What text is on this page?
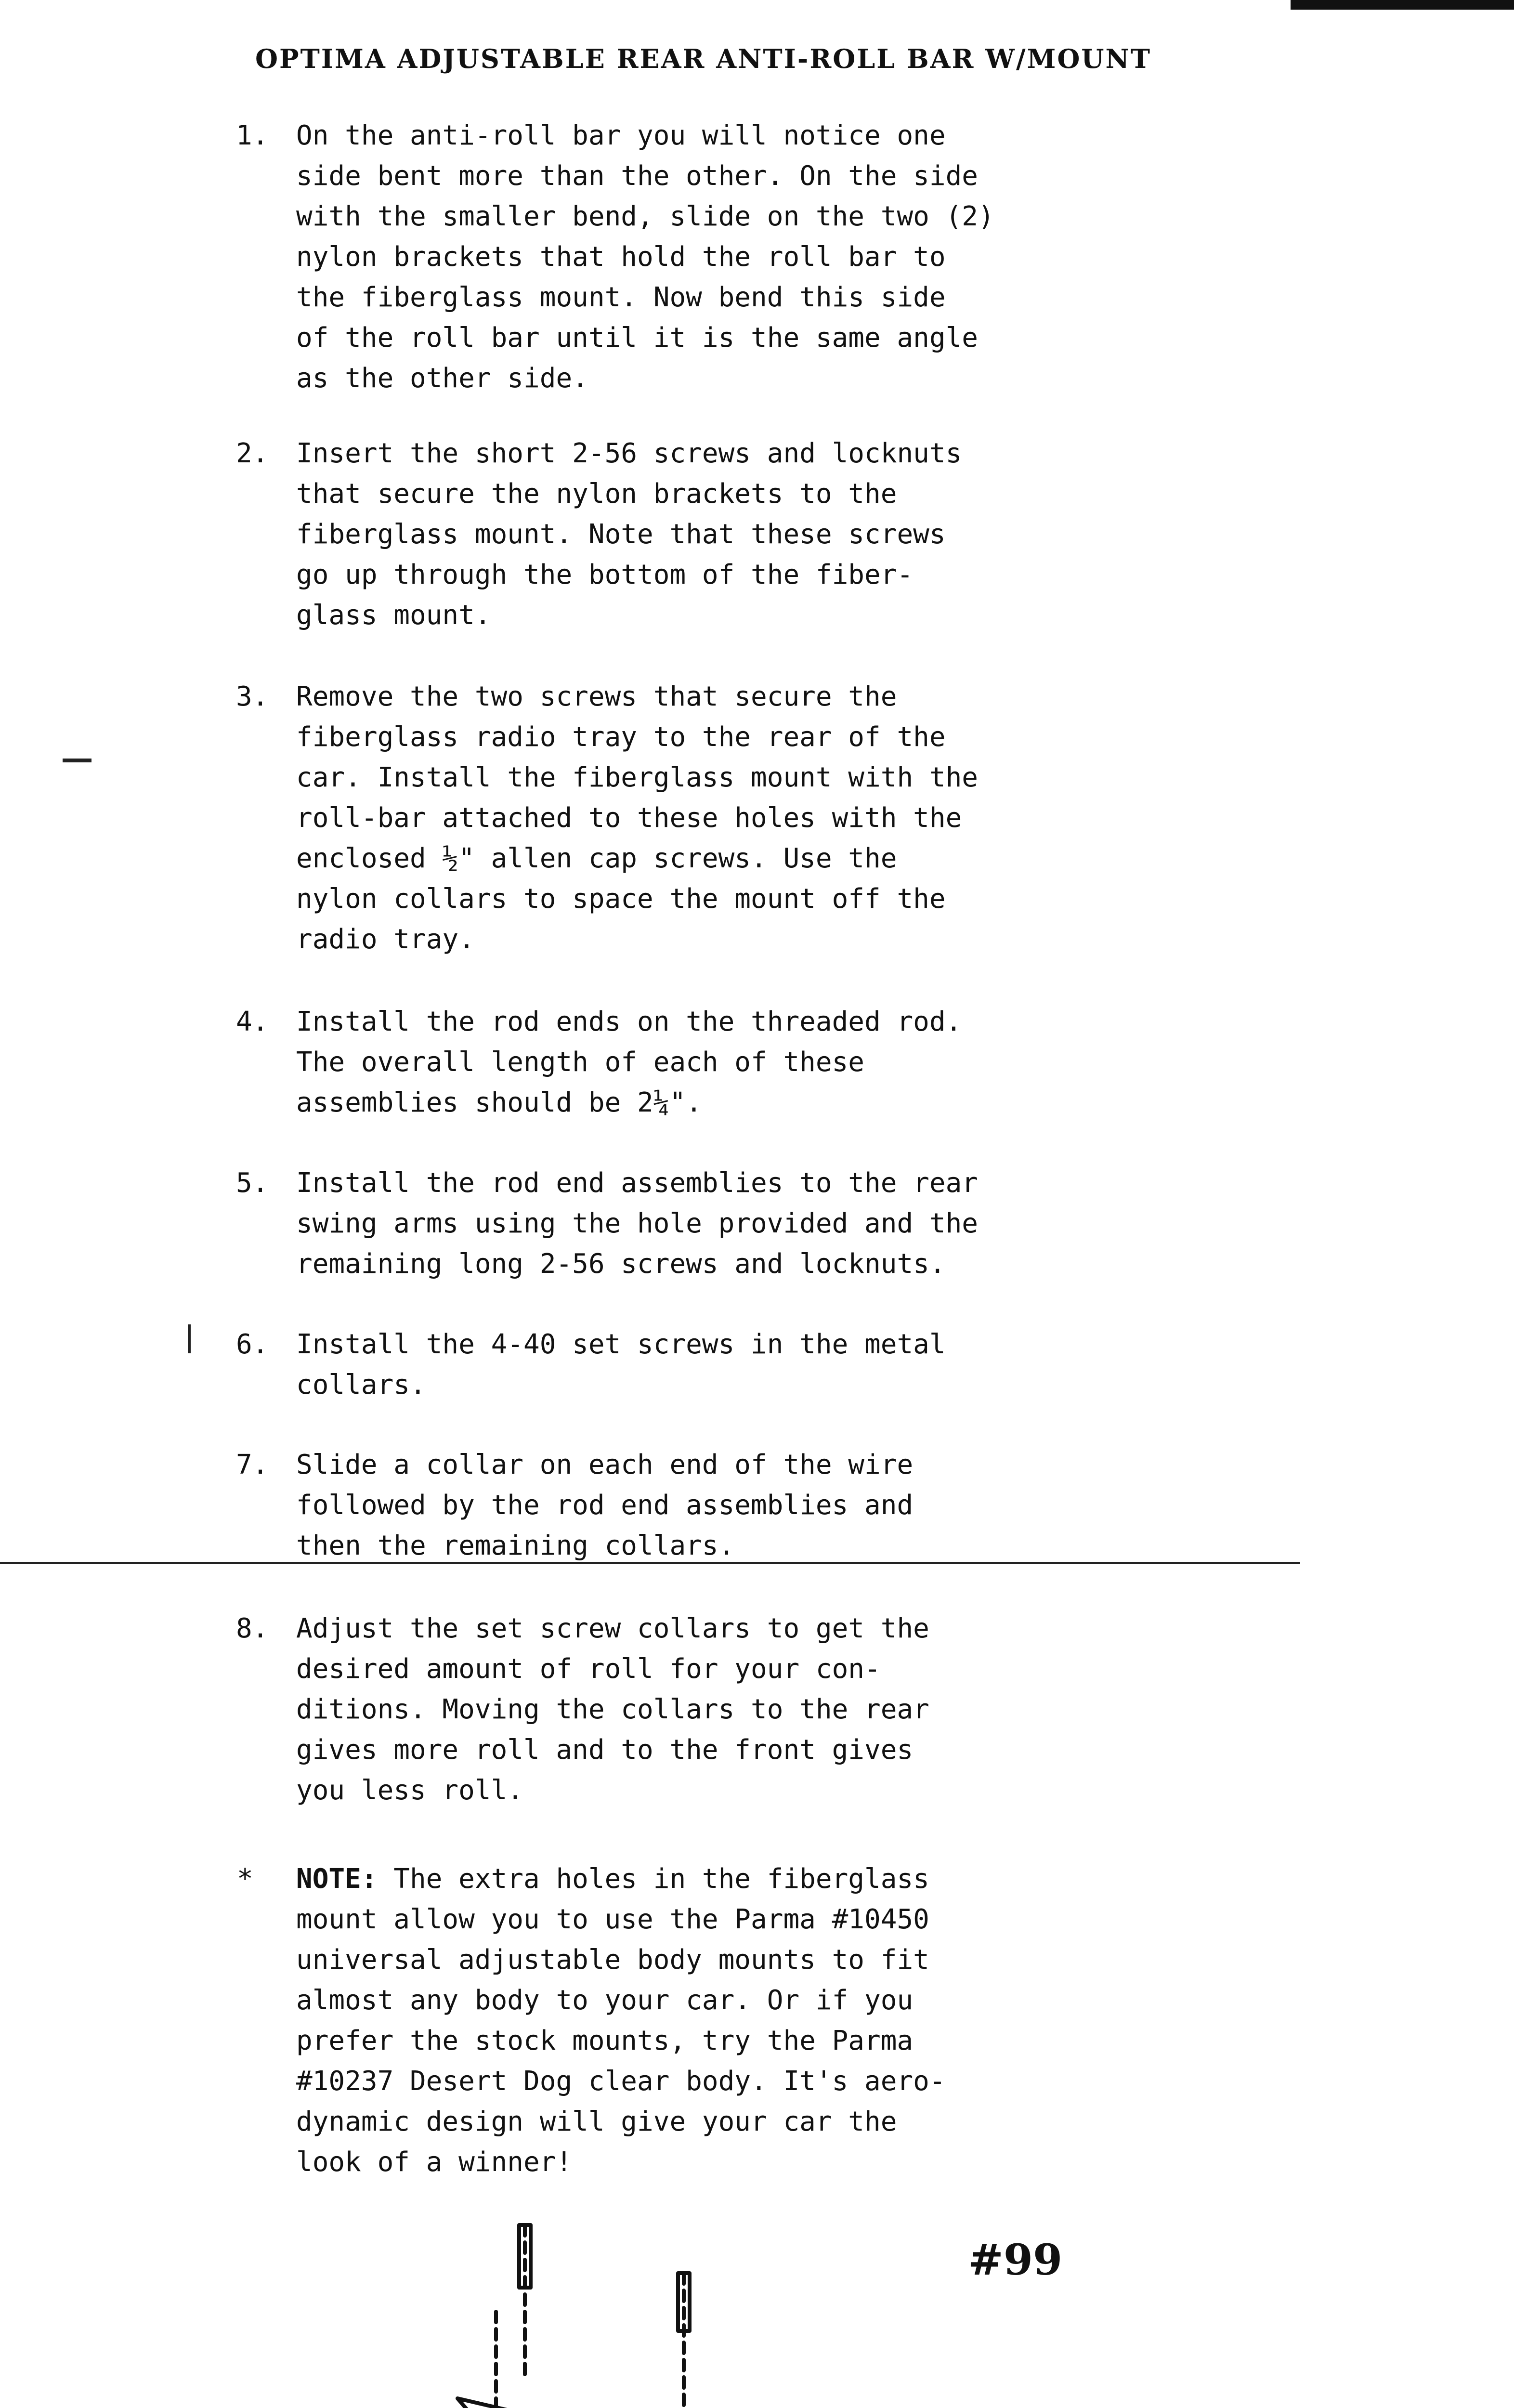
OPTIMA ADJUSTABLE REAR ANTI-ROLL BAR W/MOUNT
1.	On the anti-roll bar you will notice one
side bent more than the other. On the side
with the smaller bend, slide on the two (2)
nylon brackets that hold the roll bar to
the fiberglass mount. Now bend this side
of the roll bar until it is the same angle
as the other side.
2.	Insert the short 2-56 screws and locknuts
that secure the nylon brackets to the
fiberglass mount. Note that these screws
go up through the bottom of the fiber-
glass mount.
3.	Remove the two screws that secure the
fiberglass radio tray to the rear of the
car. Install the fiberglass mount with the
roll-bar attached to these holes with the
enclosed ½" allen cap screws. Use the
nylon collars to space the mount off the
radio tray.
4.	Install the rod ends on the threaded rod.
The overall length of each of these
assemblies should be 2¼".
5.	Install the rod end assemblies to the rear
swing arms using the hole provided and the
remaining long 2-56 screws and locknuts.
6.	Install the 4-40 set screws in the metal
collars.
7.	Slide a collar on each end of the wire
followed by the rod end assemblies and
then the remaining collars.
8.	Adjust the set screw collars to get the
desired amount of roll for your con-
ditions. Moving the collars to the rear
gives more roll and to the front gives
you less roll.
* NOTE: The extra holes in the fiberglass
mount allow you to use the Parma #10450
universal adjustable body mounts to fit
almost any body to your car. Or if you
prefer the stock mounts, try the Parma
#10237 Desert Dog clear body. It's aero-
dynamic design will give your car the
look of a winner!
#99
